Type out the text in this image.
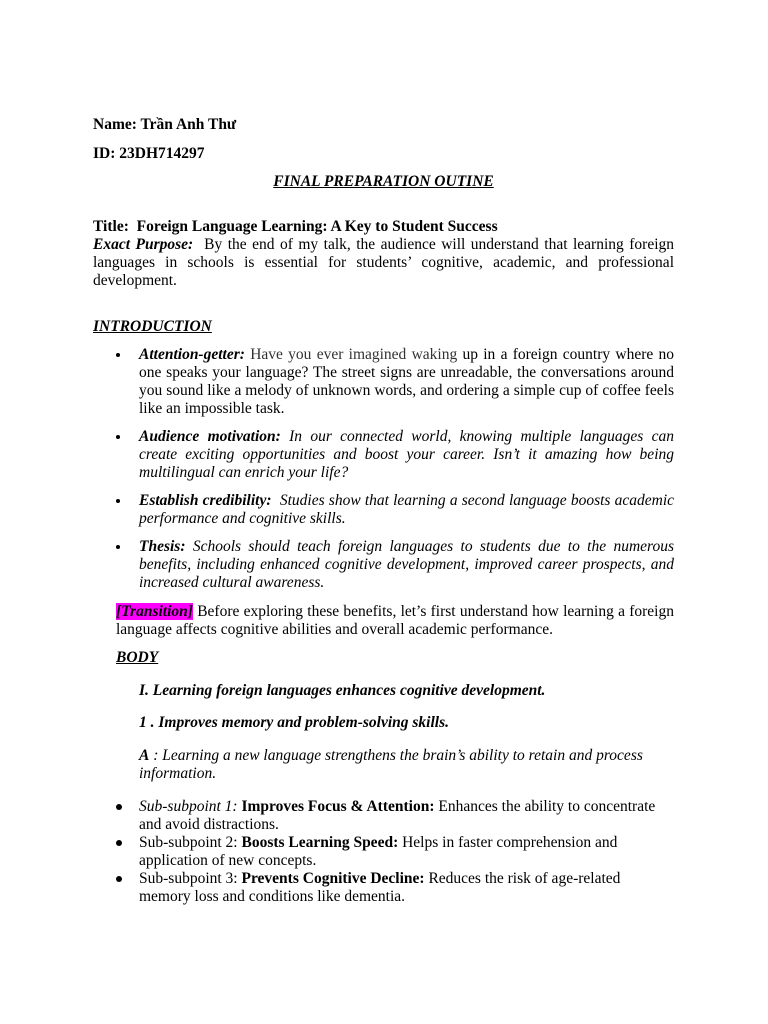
Name: Trần Anh Thư
ID: 23DH714297
FINAL PREPARATION OUTINE
Title: Foreign Language Learning: A Key to Student Success
Exact Purpose: By the end of my talk, the audience will understand that learning foreign languages in schools is essential for students’ cognitive, academic, and professional development.
INTRODUCTION
Attention-getter: Have you ever imagined waking up in a foreign country where no one speaks your language? The street signs are unreadable, the conversations around you sound like a melody of unknown words, and ordering a simple cup of coffee feels like an impossible task.
Audience motivation: In our connected world, knowing multiple languages can create exciting opportunities and boost your career. Isn’t it amazing how being multilingual can enrich your life?
Establish credibility: Studies show that learning a second language boosts academic performance and cognitive skills.
Thesis: Schools should teach foreign languages to students due to the numerous benefits, including enhanced cognitive development, improved career prospects, and increased cultural awareness.
[Transition] Before exploring these benefits, let’s first understand how learning a foreign language affects cognitive abilities and overall academic performance.
BODY
I. Learning foreign languages enhances cognitive development.
1 . Improves memory and problem-solving skills.
A : Learning a new language strengthens the brain’s ability to retain and process information.
Sub-subpoint 1: Improves Focus & Attention: Enhances the ability to concentrate and avoid distractions.
Sub-subpoint 2: Boosts Learning Speed: Helps in faster comprehension and application of new concepts.
Sub-subpoint 3: Prevents Cognitive Decline: Reduces the risk of age-related memory loss and conditions like dementia.
